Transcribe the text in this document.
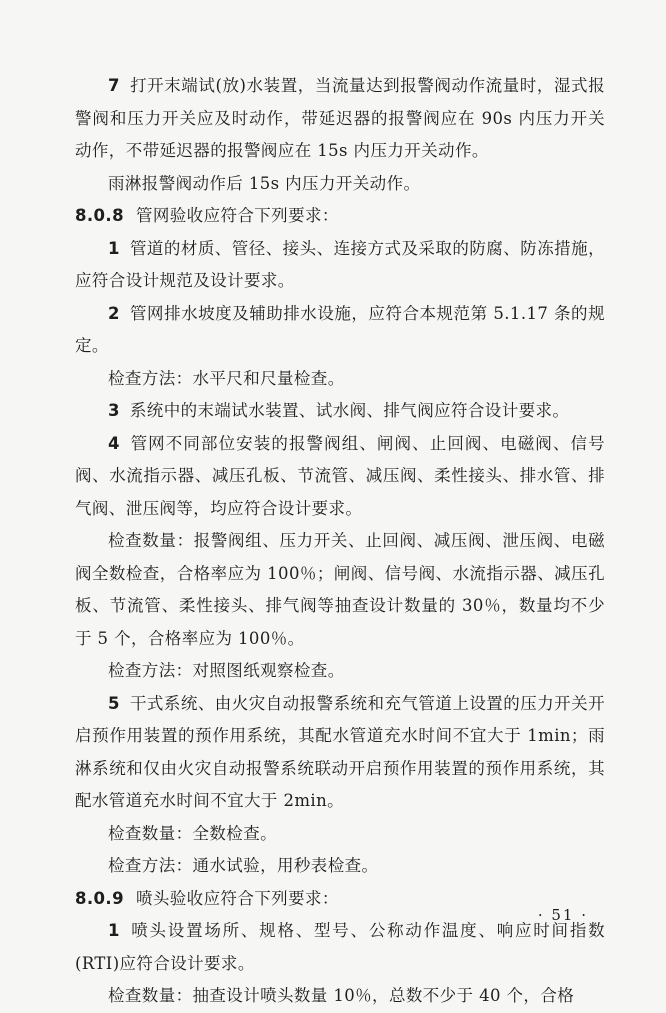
7 打开末端试(放)水装置，当流量达到报警阀动作流量时，湿式报警阀和压力开关应及时动作，带延迟器的报警阀应在 90s 内压力开关动作，不带延迟器的报警阀应在 15s 内压力开关动作。

雨淋报警阀动作后 15s 内压力开关动作。

8.0.8 管网验收应符合下列要求：

1 管道的材质、管径、接头、连接方式及采取的防腐、防冻措施，应符合设计规范及设计要求。

2 管网排水坡度及辅助排水设施，应符合本规范第 5.1.17 条的规定。

检查方法：水平尺和尺量检查。

3 系统中的末端试水装置、试水阀、排气阀应符合设计要求。

4 管网不同部位安装的报警阀组、闸阀、止回阀、电磁阀、信号阀、水流指示器、减压孔板、节流管、减压阀、柔性接头、排水管、排气阀、泄压阀等，均应符合设计要求。

检查数量：报警阀组、压力开关、止回阀、减压阀、泄压阀、电磁阀全数检查，合格率应为 100％；闸阀、信号阀、水流指示器、减压孔板、节流管、柔性接头、排气阀等抽查设计数量的 30％，数量均不少于 5 个，合格率应为 100％。

检查方法：对照图纸观察检查。

5 干式系统、由火灾自动报警系统和充气管道上设置的压力开关开启预作用装置的预作用系统，其配水管道充水时间不宜大于 1min；雨淋系统和仅由火灾自动报警系统联动开启预作用装置的预作用系统，其配水管道充水时间不宜大于 2min。

检查数量：全数检查。

检查方法：通水试验，用秒表检查。

8.0.9 喷头验收应符合下列要求：

1 喷头设置场所、规格、型号、公称动作温度、响应时间指数(RTI)应符合设计要求。

检查数量：抽查设计喷头数量 10％，总数不少于 40 个，合格

· 51 ·
